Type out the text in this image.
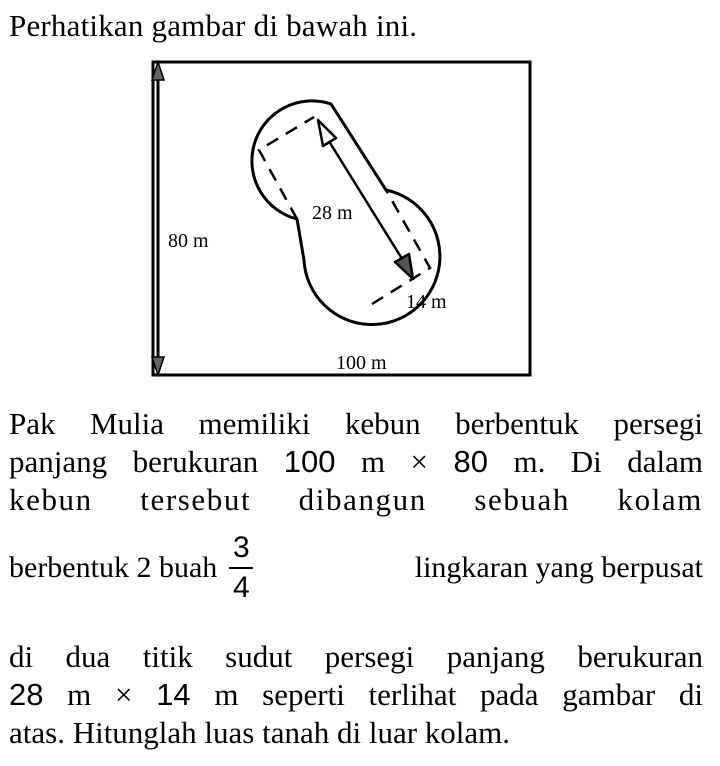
Perhatikan gambar di bawah ini.
80 m
28 m
14 m
100 m
Pak Mulia memiliki kebun berbentuk persegi
panjang berukuran 100 m × 80 m. Di dalam
kebun tersebut dibangun sebuah kolam
berbentuk 2 buah $\frac{3}{4}$	lingkaran yang berpusat
di dua titik sudut persegi panjang berukuran
28 m × 14 m seperti terlihat pada gambar di
atas. Hitunglah luas tanah di luar kolam.
